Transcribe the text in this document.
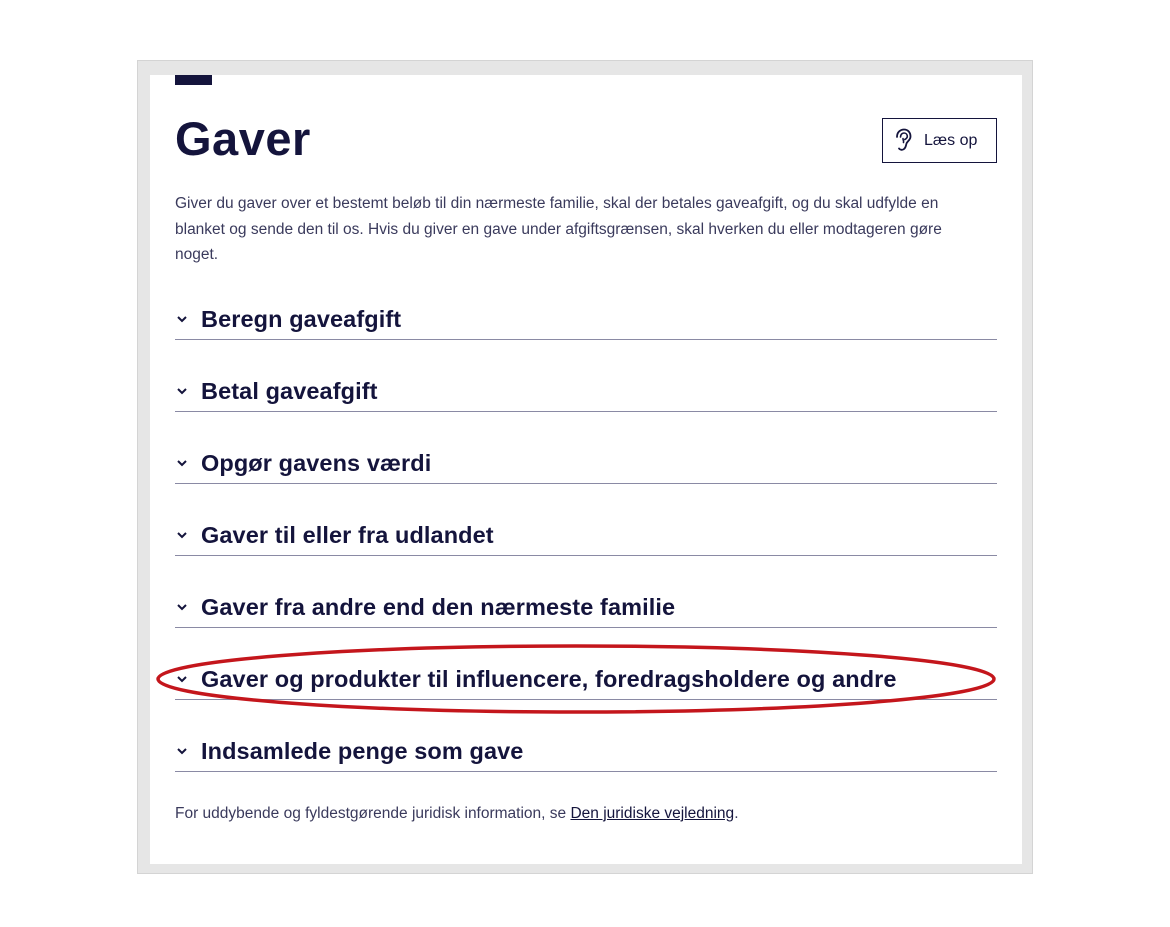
Gaver	Læs op

Giver du gaver over et bestemt beløb til din nærmeste familie, skal der betales gaveafgift, og du skal udfylde en blanket og sende den til os. Hvis du giver en gave under afgiftsgrænsen, skal hverken du eller modtageren gøre noget.

Beregn gaveafgift
Betal gaveafgift
Opgør gavens værdi
Gaver til eller fra udlandet
Gaver fra andre end den nærmeste familie
Gaver og produkter til influencere, foredragsholdere og andre
Indsamlede penge som gave

For uddybende og fyldestgørende juridisk information, se Den juridiske vejledning.
